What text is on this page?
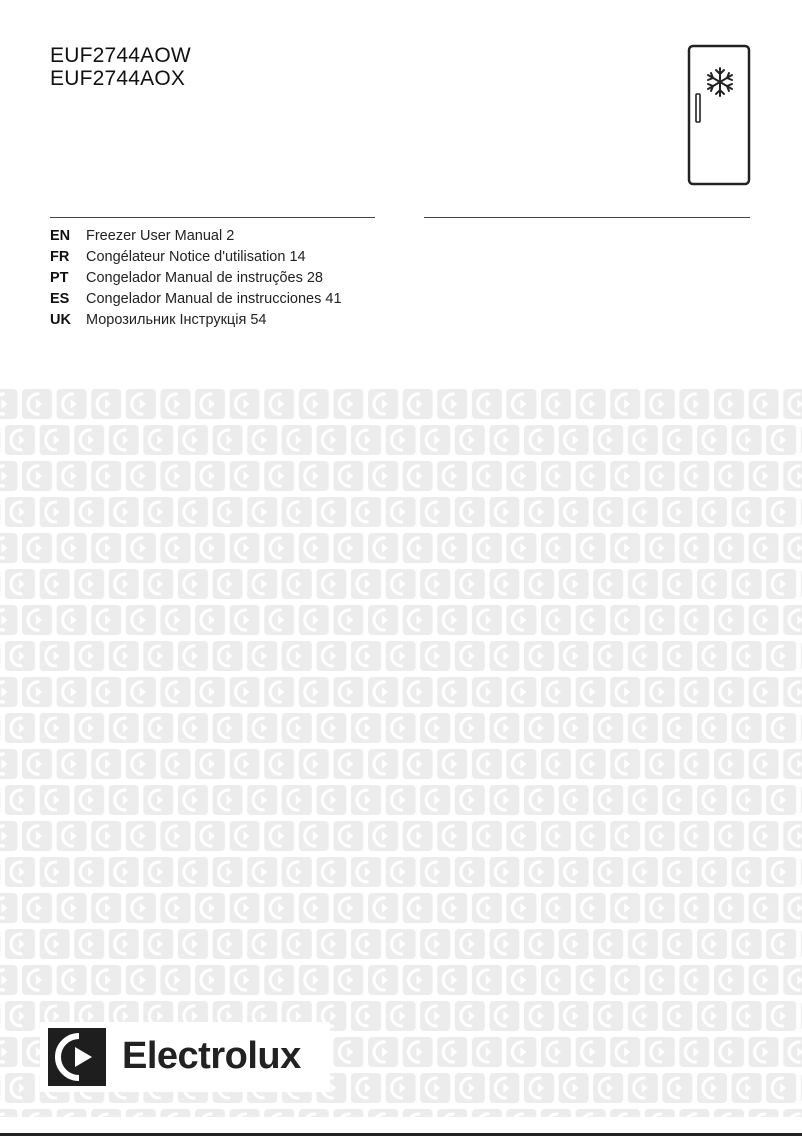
EUF2744AOW
EUF2744AOX
EN Freezer User Manual 2
FR Congélateur Notice d'utilisation 14
PT Congelador Manual de instruções 28
ES Congelador Manual de instrucciones 41
UK Морозильник Інструкція 54
Electrolux
